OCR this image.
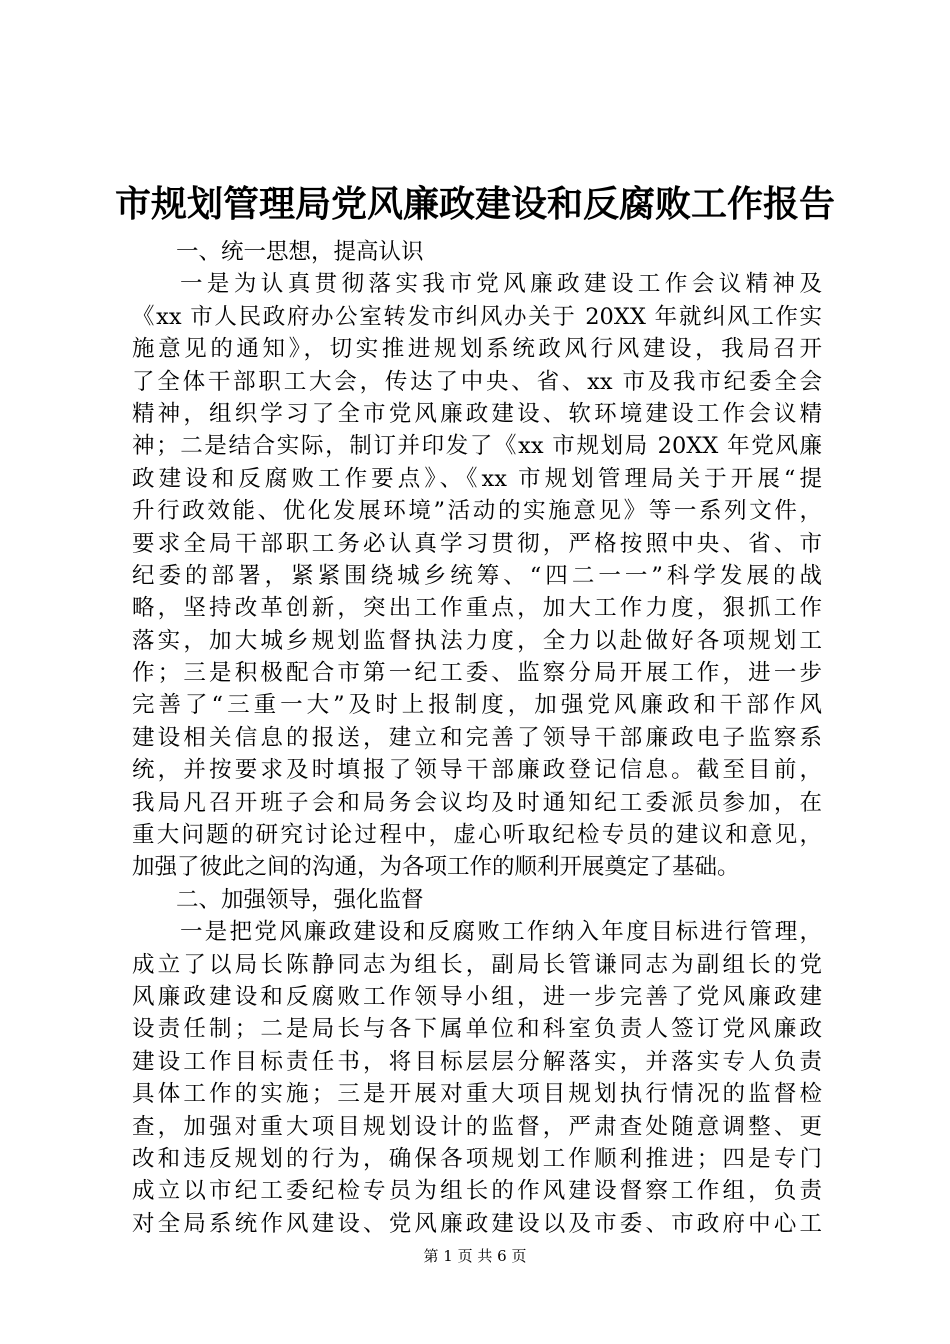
市规划管理局党风廉政建设和反腐败工作报告
一、统一思想，提高认识
一是为认真贯彻落实我市党风廉政建设工作会议精神及
《xx 市人民政府办公室转发市纠风办关于 20XX 年就纠风工作实
施意见的通知》，切实推进规划系统政风行风建设，我局召开
了全体干部职工大会，传达了中央、省、xx 市及我市纪委全会
精神，组织学习了全市党风廉政建设、软环境建设工作会议精
神；二是结合实际，制订并印发了《xx 市规划局 20XX 年党风廉
政建设和反腐败工作要点》、《xx 市规划管理局关于开展“提
升行政效能、优化发展环境”活动的实施意见》等一系列文件，
要求全局干部职工务必认真学习贯彻，严格按照中央、省、市
纪委的部署，紧紧围绕城乡统筹、“四二一一”科学发展的战
略，坚持改革创新，突出工作重点，加大工作力度，狠抓工作
落实，加大城乡规划监督执法力度，全力以赴做好各项规划工
作；三是积极配合市第一纪工委、监察分局开展工作，进一步
完善了“三重一大”及时上报制度，加强党风廉政和干部作风
建设相关信息的报送，建立和完善了领导干部廉政电子监察系
统，并按要求及时填报了领导干部廉政登记信息。截至目前，
我局凡召开班子会和局务会议均及时通知纪工委派员参加，在
重大问题的研究讨论过程中，虚心听取纪检专员的建议和意见，
加强了彼此之间的沟通，为各项工作的顺利开展奠定了基础。
二、加强领导，强化监督
一是把党风廉政建设和反腐败工作纳入年度目标进行管理，
成立了以局长陈静同志为组长，副局长管谦同志为副组长的党
风廉政建设和反腐败工作领导小组，进一步完善了党风廉政建
设责任制；二是局长与各下属单位和科室负责人签订党风廉政
建设工作目标责任书，将目标层层分解落实，并落实专人负责
具体工作的实施；三是开展对重大项目规划执行情况的监督检
查，加强对重大项目规划设计的监督，严肃查处随意调整、更
改和违反规划的行为，确保各项规划工作顺利推进；四是专门
成立以市纪工委纪检专员为组长的作风建设督察工作组，负责
对全局系统作风建设、党风廉政建设以及市委、市政府中心工
第 1 页 共 6 页
